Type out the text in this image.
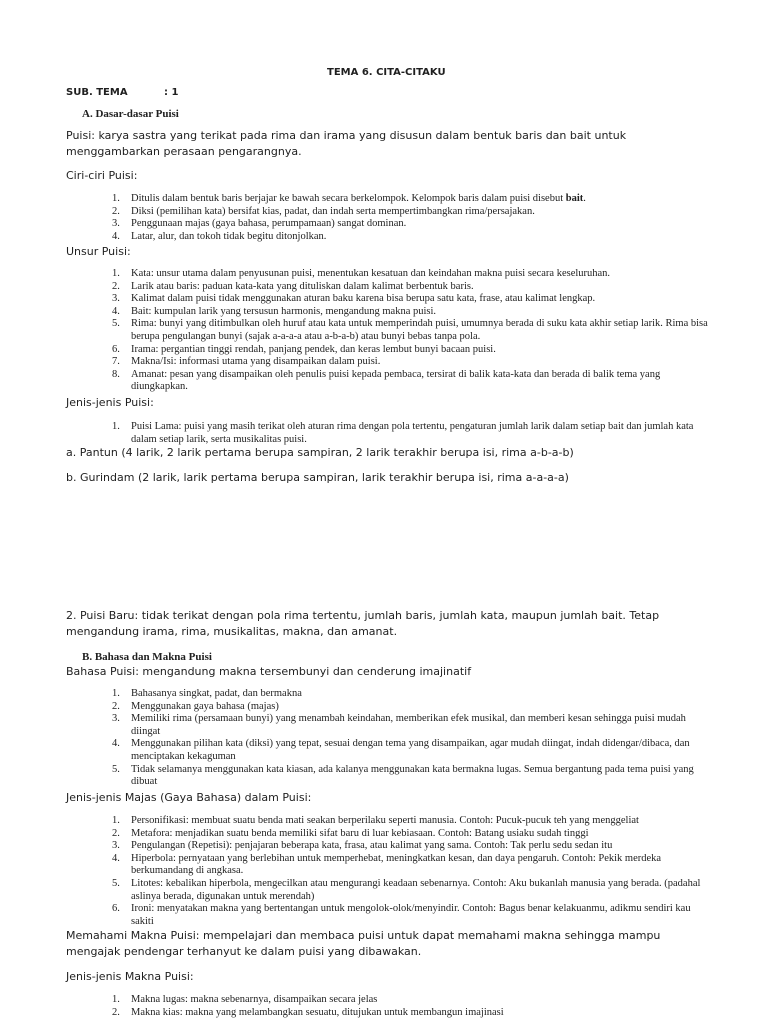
TEMA 6. CITA-CITAKU
SUB. TEMA	: 1
A. Dasar-dasar Puisi
Puisi: karya sastra yang terikat pada rima dan irama yang disusun dalam bentuk baris dan bait untuk menggambarkan perasaan pengarangnya.
Ciri-ciri Puisi:
1. Ditulis dalam bentuk baris berjajar ke bawah secara berkelompok. Kelompok baris dalam puisi disebut bait.
2. Diksi (pemilihan kata) bersifat kias, padat, dan indah serta mempertimbangkan rima/persajakan.
3. Penggunaan majas (gaya bahasa, perumpamaan) sangat dominan.
4. Latar, alur, dan tokoh tidak begitu ditonjolkan.
Unsur Puisi:
1. Kata: unsur utama dalam penyusunan puisi, menentukan kesatuan dan keindahan makna puisi secara keseluruhan.
2. Larik atau baris: paduan kata-kata yang dituliskan dalam kalimat berbentuk baris.
3. Kalimat dalam puisi tidak menggunakan aturan baku karena bisa berupa satu kata, frase, atau kalimat lengkap.
4. Bait: kumpulan larik yang tersusun harmonis, mengandung makna puisi.
5. Rima: bunyi yang ditimbulkan oleh huruf atau kata untuk memperindah puisi, umumnya berada di suku kata akhir setiap larik. Rima bisa berupa pengulangan bunyi (sajak a-a-a-a atau a-b-a-b) atau bunyi bebas tanpa pola.
6. Irama: pergantian tinggi rendah, panjang pendek, dan keras lembut bunyi bacaan puisi.
7. Makna/Isi: informasi utama yang disampaikan dalam puisi.
8. Amanat: pesan yang disampaikan oleh penulis puisi kepada pembaca, tersirat di balik kata-kata dan berada di balik tema yang diungkapkan.
Jenis-jenis Puisi:
1. Puisi Lama: puisi yang masih terikat oleh aturan rima dengan pola tertentu, pengaturan jumlah larik dalam setiap bait dan jumlah kata dalam setiap larik, serta musikalitas puisi.
a. Pantun (4 larik, 2 larik pertama berupa sampiran, 2 larik terakhir berupa isi, rima a-b-a-b)
b. Gurindam (2 larik, larik pertama berupa sampiran, larik terakhir berupa isi, rima a-a-a-a)
2. Puisi Baru: tidak terikat dengan pola rima tertentu, jumlah baris, jumlah kata, maupun jumlah bait. Tetap mengandung irama, rima, musikalitas, makna, dan amanat.
B. Bahasa dan Makna Puisi
Bahasa Puisi: mengandung makna tersembunyi dan cenderung imajinatif
1. Bahasanya singkat, padat, dan bermakna
2. Menggunakan gaya bahasa (majas)
3. Memiliki rima (persamaan bunyi) yang menambah keindahan, memberikan efek musikal, dan memberi kesan sehingga puisi mudah diingat
4. Menggunakan pilihan kata (diksi) yang tepat, sesuai dengan tema yang disampaikan, agar mudah diingat, indah didengar/dibaca, dan menciptakan kekaguman
5. Tidak selamanya menggunakan kata kiasan, ada kalanya menggunakan kata bermakna lugas. Semua bergantung pada tema puisi yang dibuat
Jenis-jenis Majas (Gaya Bahasa) dalam Puisi:
1. Personifikasi: membuat suatu benda mati seakan berperilaku seperti manusia. Contoh: Pucuk-pucuk teh yang menggeliat
2. Metafora: menjadikan suatu benda memiliki sifat baru di luar kebiasaan. Contoh: Batang usiaku sudah tinggi
3. Pengulangan (Repetisi): penjajaran beberapa kata, frasa, atau kalimat yang sama. Contoh: Tak perlu sedu sedan itu
4. Hiperbola: pernyataan yang berlebihan untuk memperhebat, meningkatkan kesan, dan daya pengaruh. Contoh: Pekik merdeka berkumandang di angkasa.
5. Litotes: kebalikan hiperbola, mengecilkan atau mengurangi keadaan sebenarnya. Contoh: Aku bukanlah manusia yang berada. (padahal aslinya berada, digunakan untuk merendah)
6. Ironi: menyatakan makna yang bertentangan untuk mengolok-olok/menyindir. Contoh: Bagus benar kelakuanmu, adikmu sendiri kau sakiti
Memahami Makna Puisi: mempelajari dan membaca puisi untuk dapat memahami makna sehingga mampu mengajak pendengar terhanyut ke dalam puisi yang dibawakan.
Jenis-jenis Makna Puisi:
1. Makna lugas: makna sebenarnya, disampaikan secara jelas
2. Makna kias: makna yang melambangkan sesuatu, ditujukan untuk membangun imajinasi
